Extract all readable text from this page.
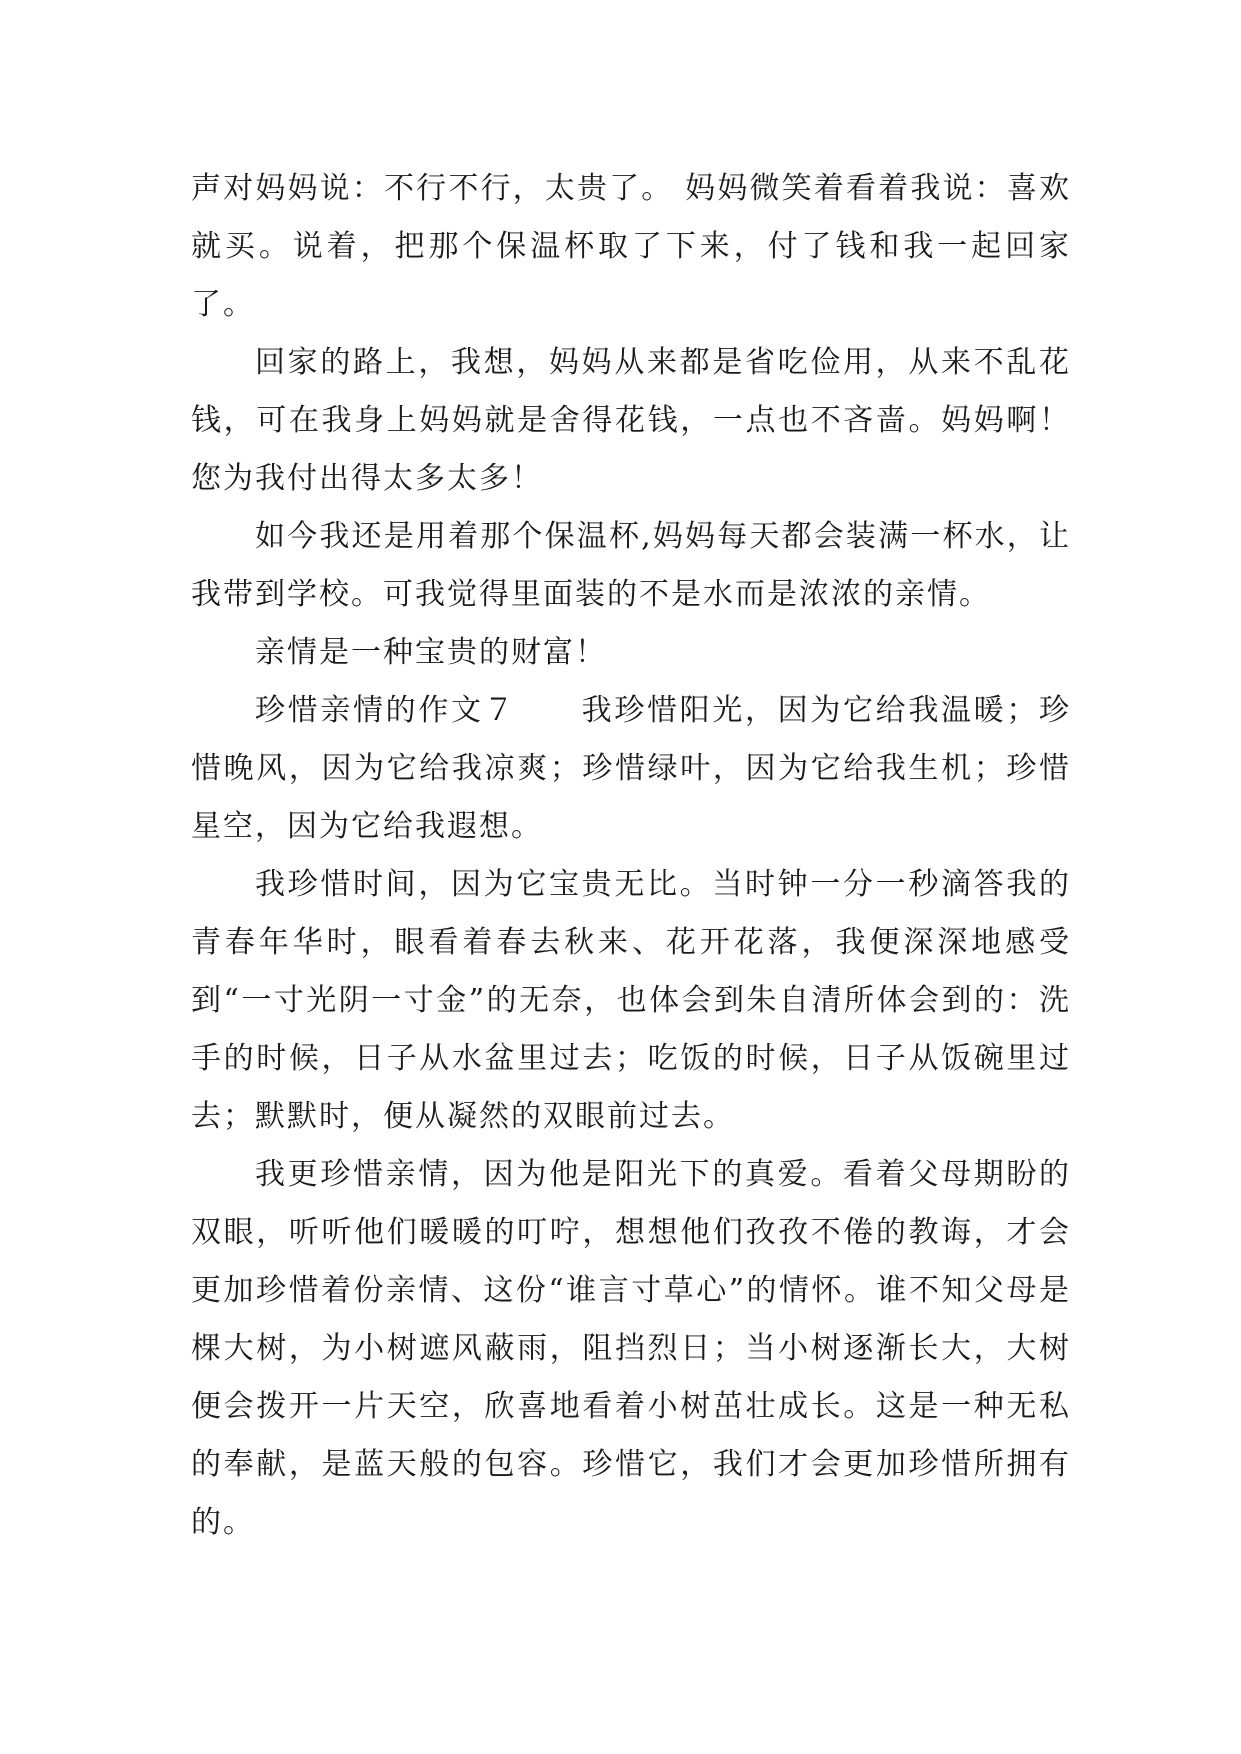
声对妈妈说：不行不行，太贵了。 妈妈微笑着看着我说：喜欢就买。说着，把那个保温杯取了下来，付了钱和我一起回家了。

回家的路上，我想，妈妈从来都是省吃俭用，从来不乱花钱，可在我身上妈妈就是舍得花钱，一点也不吝啬。妈妈啊！您为我付出得太多太多！

如今我还是用着那个保温杯,妈妈每天都会装满一杯水，让我带到学校。可我觉得里面装的不是水而是浓浓的亲情。

亲情是一种宝贵的财富！

珍惜亲情的作文７　　我珍惜阳光，因为它给我温暖；珍惜晚风，因为它给我凉爽；珍惜绿叶，因为它给我生机；珍惜星空，因为它给我遐想。

我珍惜时间，因为它宝贵无比。当时钟一分一秒滴答我的青春年华时，眼看着春去秋来、花开花落，我便深深地感受到“一寸光阴一寸金”的无奈，也体会到朱自清所体会到的：洗手的时候，日子从水盆里过去；吃饭的时候，日子从饭碗里过去；默默时，便从凝然的双眼前过去。

我更珍惜亲情，因为他是阳光下的真爱。看着父母期盼的双眼，听听他们暖暖的叮咛，想想他们孜孜不倦的教诲，才会更加珍惜着份亲情、这份“谁言寸草心”的情怀。谁不知父母是棵大树，为小树遮风蔽雨，阻挡烈日；当小树逐渐长大，大树便会拨开一片天空，欣喜地看着小树茁壮成长。这是一种无私的奉献，是蓝天般的包容。珍惜它，我们才会更加珍惜所拥有的。
